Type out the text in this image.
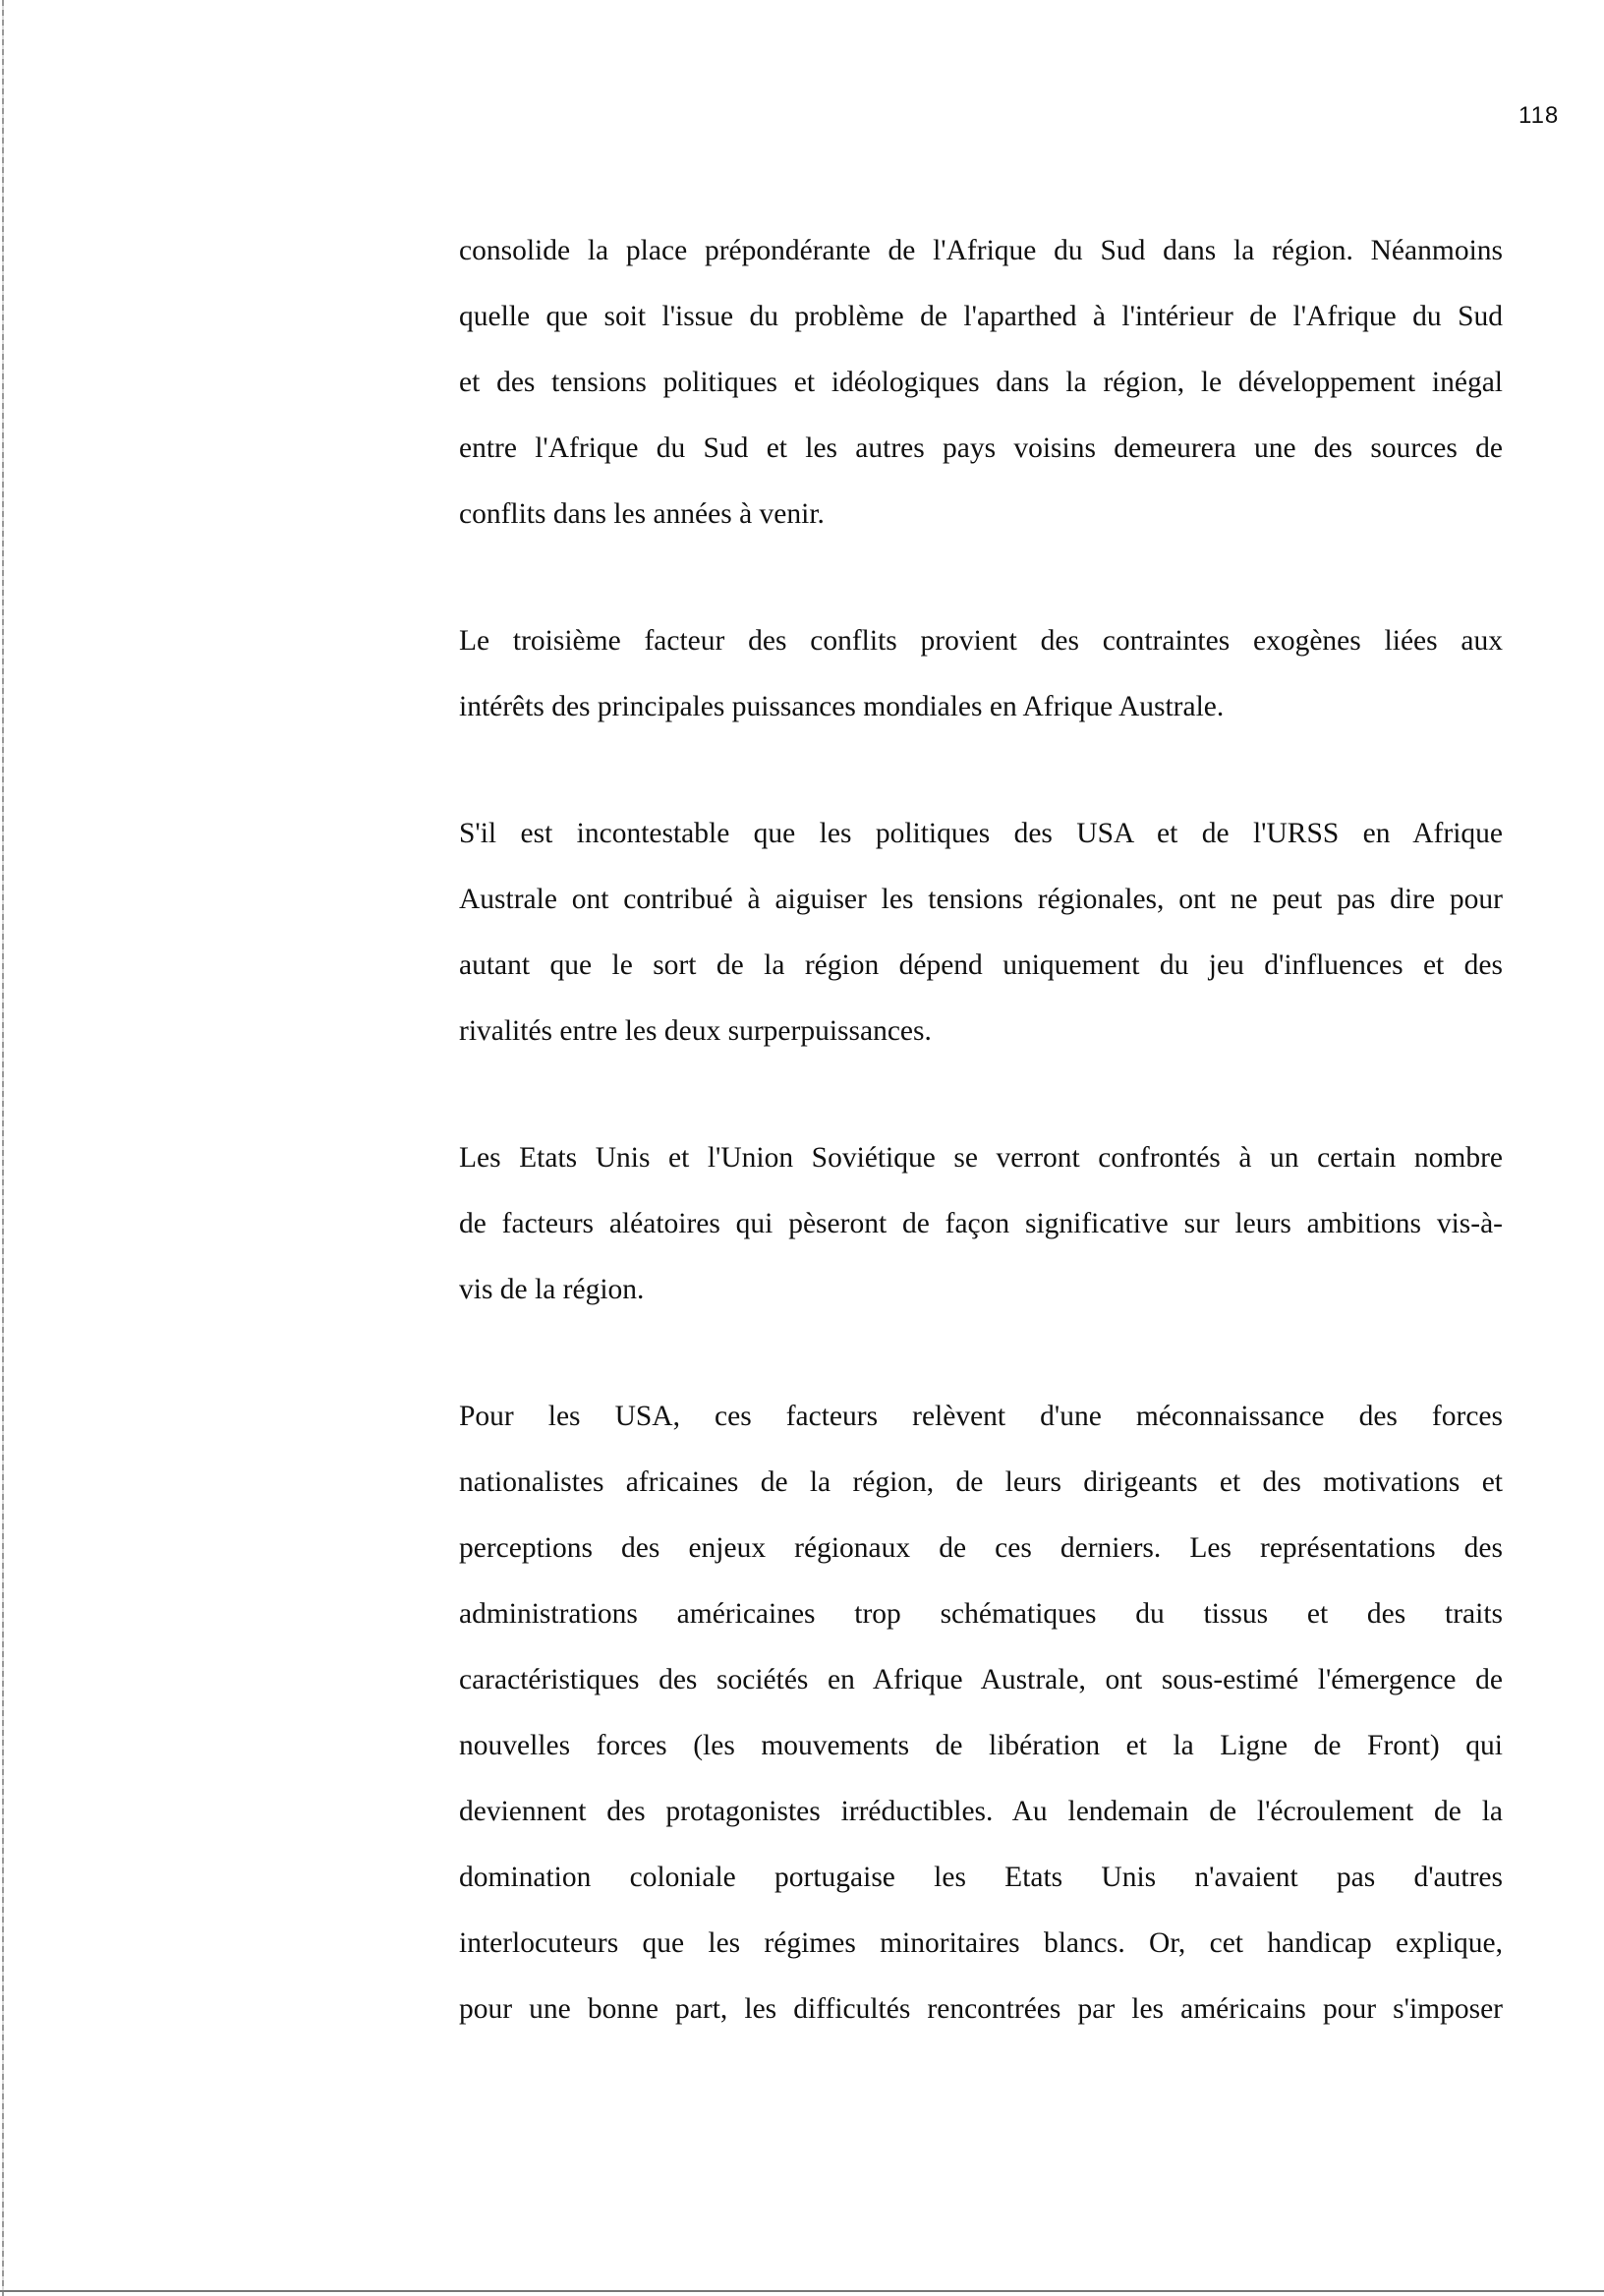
118
consolide la place prépondérante de l'Afrique du Sud dans la région. Néanmoins
quelle que soit l'issue du problème de l'aparthed à l'intérieur de l'Afrique du Sud
et des tensions politiques et idéologiques dans la région, le développement inégal
entre l'Afrique du Sud et les autres pays voisins demeurera une des sources de
conflits dans les années à venir.
Le troisième facteur des conflits provient des contraintes exogènes liées aux
intérêts des principales puissances mondiales en Afrique Australe.
S'il est incontestable que les politiques des USA et de l'URSS en Afrique
Australe ont contribué à aiguiser les tensions régionales, ont ne peut pas dire pour
autant que le sort de la région dépend uniquement du jeu d'influences et des
rivalités entre les deux surperpuissances.
Les Etats Unis et l'Union Soviétique se verront confrontés à un certain nombre
de facteurs aléatoires qui pèseront de façon significative sur leurs ambitions vis-à-
vis de la région.
Pour les USA, ces facteurs relèvent d'une méconnaissance des forces
nationalistes africaines de la région, de leurs dirigeants et des motivations et
perceptions des enjeux régionaux de ces derniers. Les représentations des
administrations américaines trop schématiques du tissus et des traits
caractéristiques des sociétés en Afrique Australe, ont sous-estimé l'émergence de
nouvelles forces (les mouvements de libération et la Ligne de Front) qui
deviennent des protagonistes irréductibles. Au lendemain de l'écroulement de la
domination coloniale portugaise les Etats Unis n'avaient pas d'autres
interlocuteurs que les régimes minoritaires blancs. Or, cet handicap explique,
pour une bonne part, les difficultés rencontrées par les américains pour s'imposer
